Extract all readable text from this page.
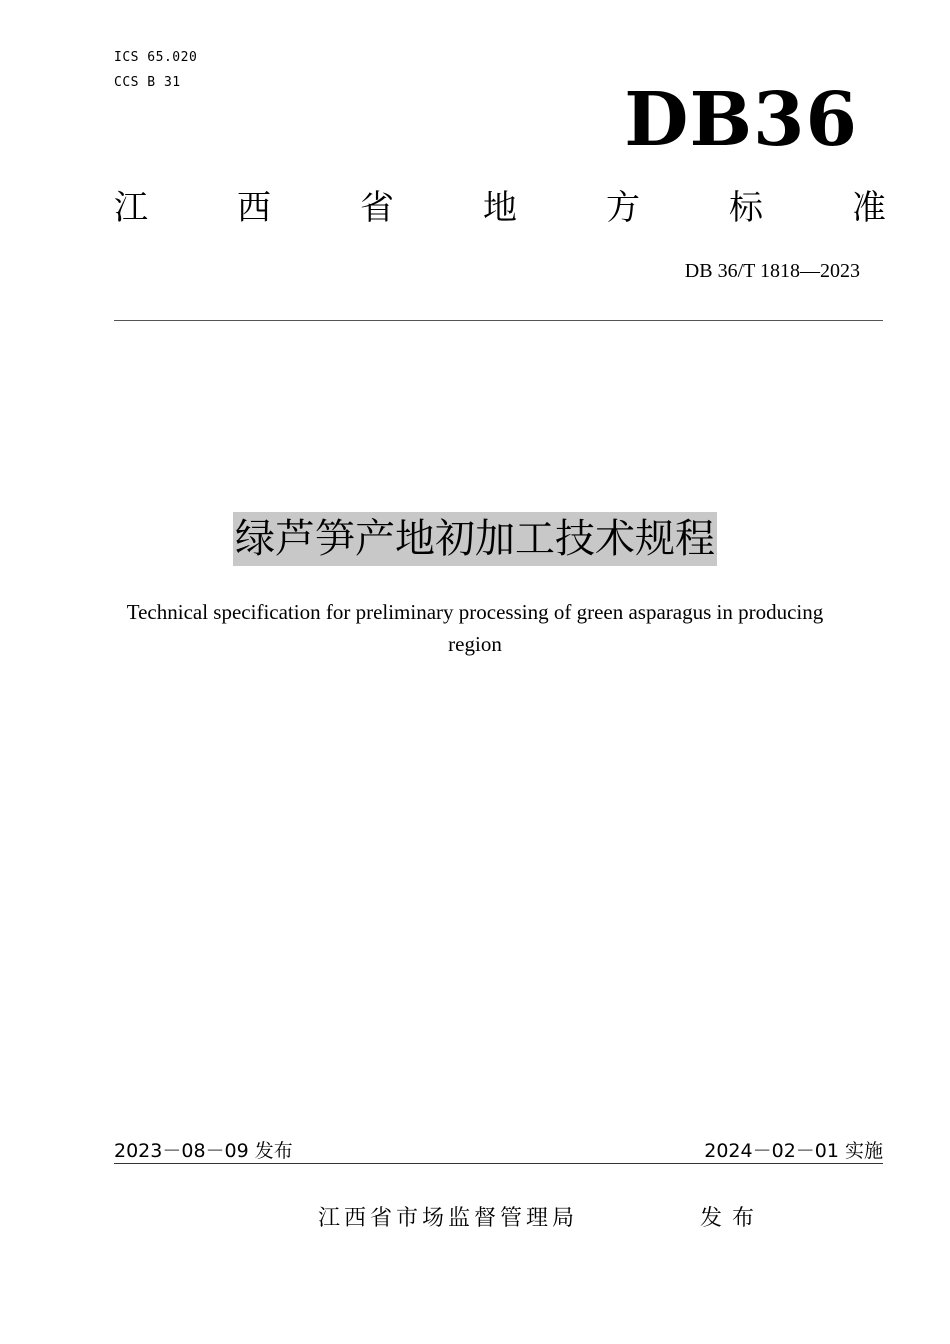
ICS 65.020
CCS B 31	DB36
江	西	省	地	方	标	准
DB 36/T 1818—2023
绿芦笋产地初加工技术规程
Technical specification for preliminary processing of green asparagus in producing
region
2023－08－09 发布	2024－02－01 实施
江西省市场监督管理局	发布
